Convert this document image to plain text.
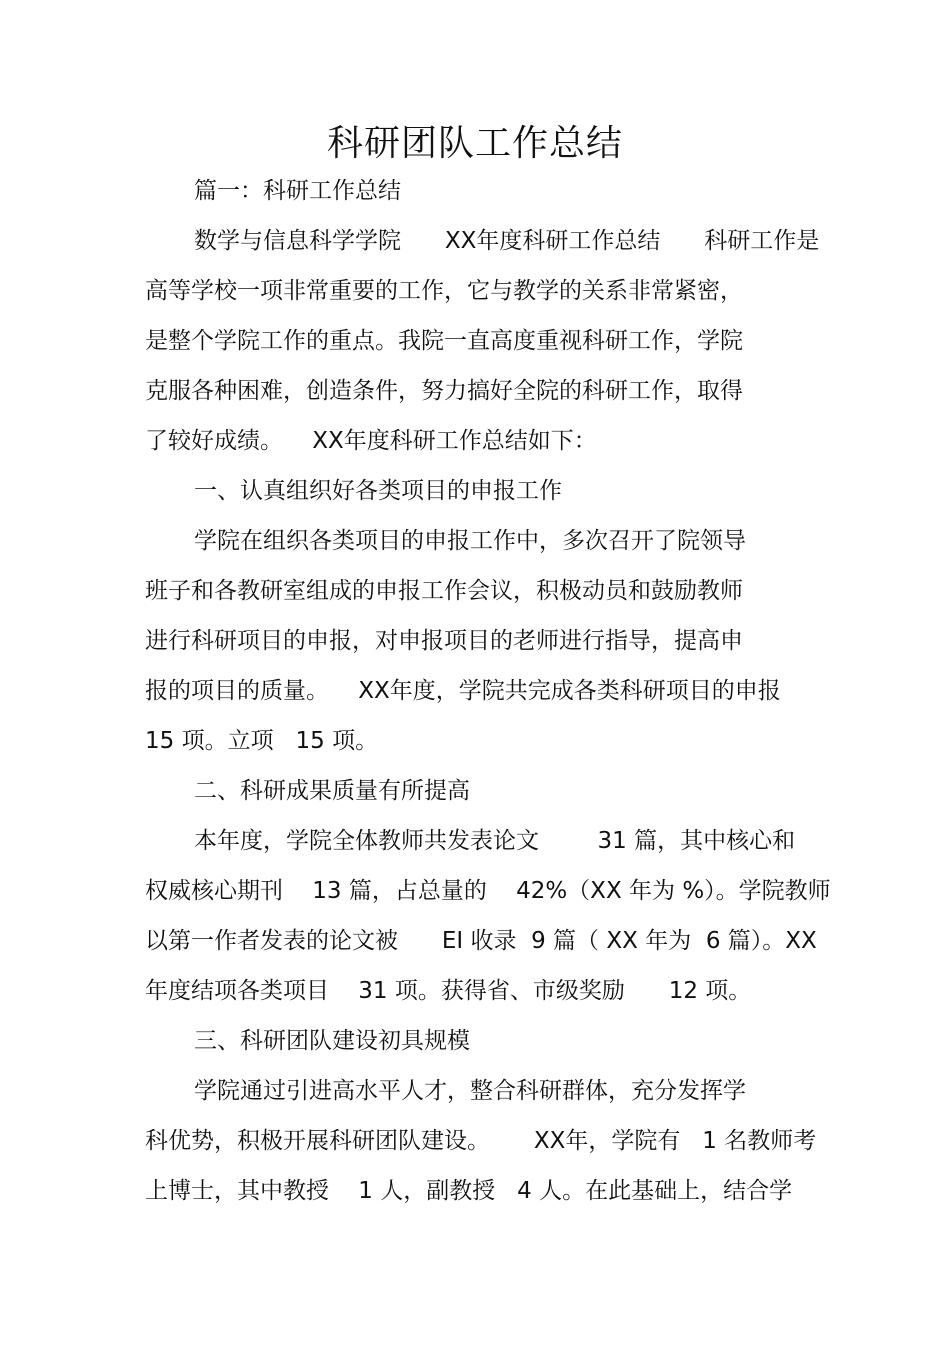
科研团队工作总结
篇一：科研工作总结
数学与信息科学学院      XX年度科研工作总结      科研工作是
高等学校一项非常重要的工作，它与教学的关系非常紧密，
是整个学院工作的重点。我院一直高度重视科研工作，学院
克服各种困难，创造条件，努力搞好全院的科研工作，取得
了较好成绩。    XX年度科研工作总结如下：
一、认真组织好各类项目的申报工作
学院在组织各类项目的申报工作中，多次召开了院领导
班子和各教研室组成的申报工作会议，积极动员和鼓励教师
进行科研项目的申报，对申报项目的老师进行指导，提高申
报的项目的质量。    XX年度，学院共完成各类科研项目的申报
15 项。立项   15 项。
二、科研成果质量有所提高
本年度，学院全体教师共发表论文        31 篇，其中核心和
权威核心期刊    13 篇，占总量的    42%（XX 年为 %）。学院教师
以第一作者发表的论文被      EI 收录  9 篇（ XX 年为  6 篇）。XX
年度结项各类项目    31 项。获得省、市级奖励      12 项。
三、科研团队建设初具规模
学院通过引进高水平人才，整合科研群体，充分发挥学
科优势，积极开展科研团队建设。      XX年，学院有   1 名教师考
上博士，其中教授    1 人，副教授   4 人。在此基础上，结合学
